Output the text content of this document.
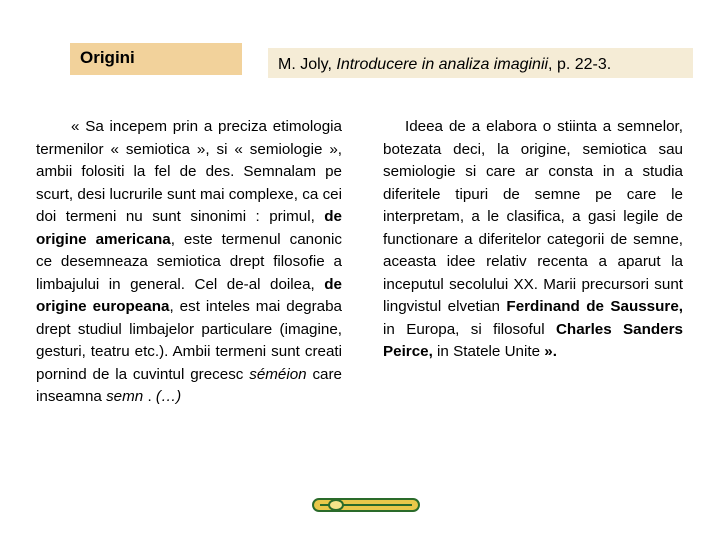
Origini	M. Joly, Introducere in analiza imaginii, p. 22-3.

« Sa incepem prin a preciza etimologia termenilor « semiotica », si « semiologie », ambii folositi la fel de des. Semnalam pe scurt, desi lucrurile sunt mai complexe, ca cei doi termeni nu sunt sinonimi : primul, de origine americana, este termenul canonic ce desemneaza semiotica drept filosofie a limbajului in general. Cel de-al doilea, de origine europeana, est inteles mai degraba drept studiul limbajelor particulare (imagine, gesturi, teatru etc.). Ambii termeni sunt creati pornind de la cuvintul grecesc séméion care inseamna semn . (…)

Ideea de a elabora o stiinta a semnelor, botezata deci, la origine, semiotica sau semiologie si care ar consta in a studia diferitele tipuri de semne pe care le interpretam, a le clasifica, a gasi legile de functionare a diferitelor categorii de semne, aceasta idee relativ recenta a aparut la inceputul secolului XX. Marii precursori sunt lingvistul elvetian Ferdinand de Saussure, in Europa, si filosoful Charles Sanders Peirce, in Statele Unite ».
